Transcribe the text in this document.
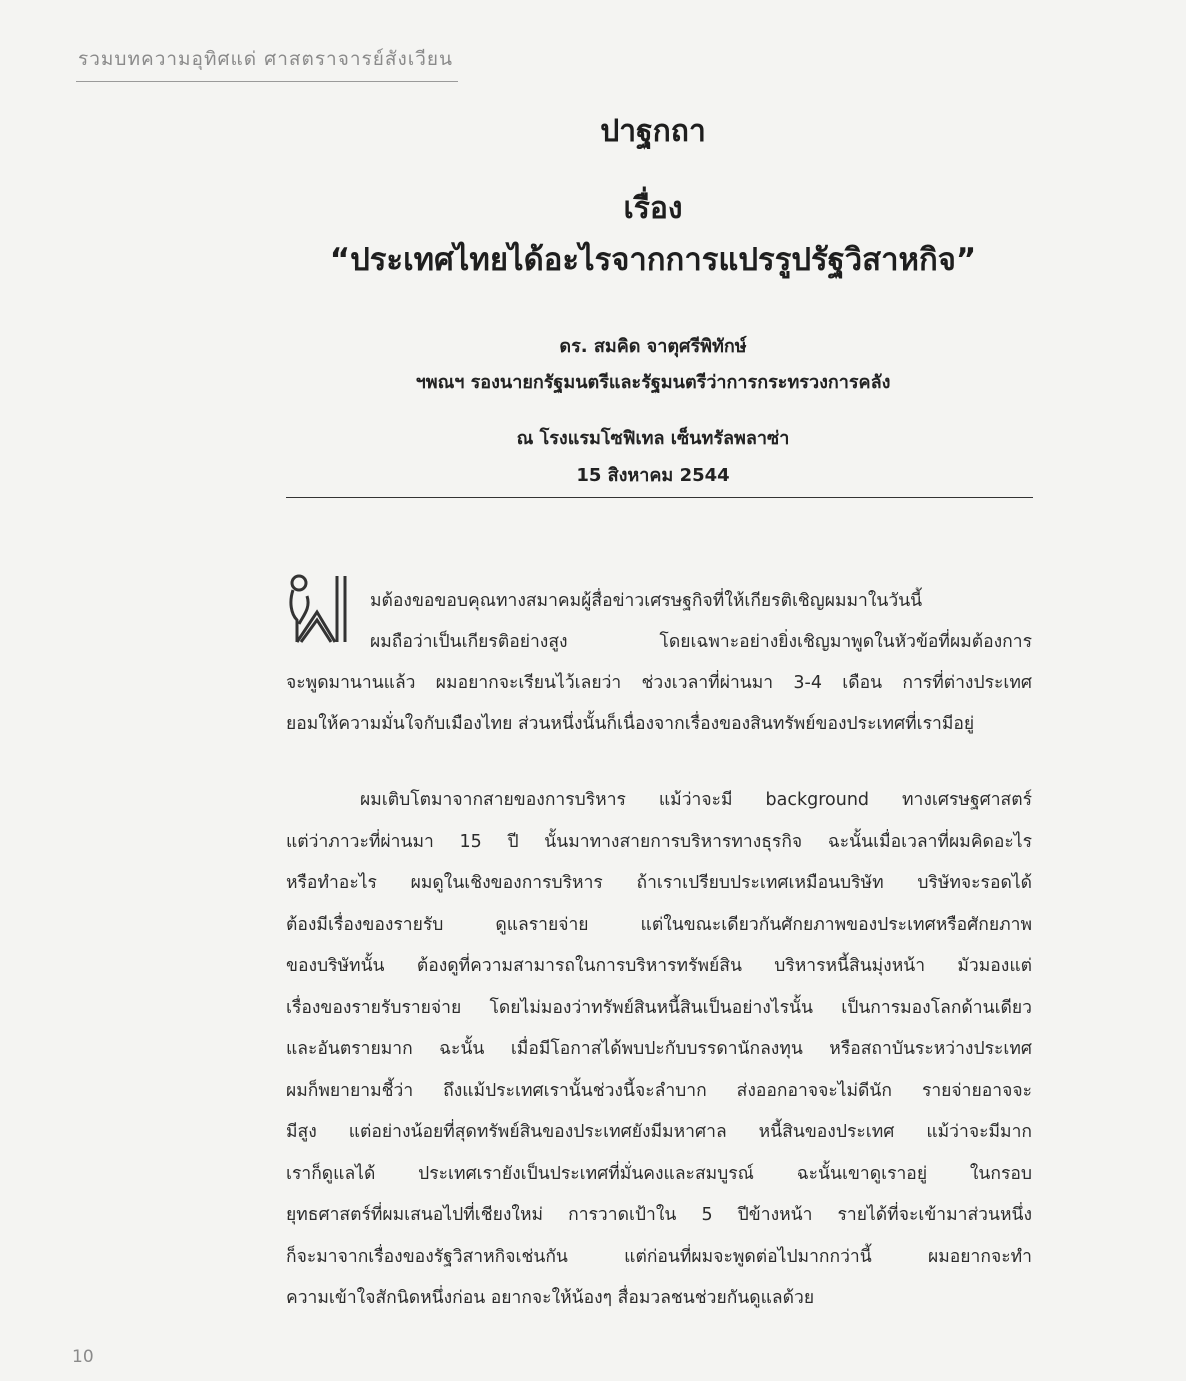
รวมบทความอุทิศแด่ ศาสตราจารย์สังเวียน
ปาฐกถา
เรื่อง
“ประเทศไทยได้อะไรจากการแปรรูปรัฐวิสาหกิจ”
ดร. สมคิด จาตุศรีพิทักษ์
ฯพณฯ รองนายกรัฐมนตรีและรัฐมนตรีว่าการกระทรวงการคลัง
ณ โรงแรมโซฟิเทล เซ็นทรัลพลาซ่า
15 สิงหาคม 2544
10
มต้องขอขอบคุณทางสมาคมผู้สื่อข่าวเศรษฐกิจที่ให้เกียรติเชิญผมมาในวันนี้
ผมถือว่าเป็นเกียรติอย่างสูง โดยเฉพาะอย่างยิ่งเชิญมาพูดในหัวข้อที่ผมต้องการ
จะพูดมานานแล้ว ผมอยากจะเรียนไว้เลยว่า ช่วงเวลาที่ผ่านมา 3-4 เดือน การที่ต่างประเทศ
ยอมให้ความมั่นใจกับเมืองไทย ส่วนหนึ่งนั้นก็เนื่องจากเรื่องของสินทรัพย์ของประเทศที่เรามีอยู่
ผมเติบโตมาจากสายของการบริหาร แม้ว่าจะมี background ทางเศรษฐศาสตร์
แต่ว่าภาวะที่ผ่านมา 15 ปี นั้นมาทางสายการบริหารทางธุรกิจ ฉะนั้นเมื่อเวลาที่ผมคิดอะไร
หรือทำอะไร ผมดูในเชิงของการบริหาร ถ้าเราเปรียบประเทศเหมือนบริษัท บริษัทจะรอดได้
ต้องมีเรื่องของรายรับ ดูแลรายจ่าย แต่ในขณะเดียวกันศักยภาพของประเทศหรือศักยภาพ
ของบริษัทนั้น ต้องดูที่ความสามารถในการบริหารทรัพย์สิน บริหารหนี้สินมุ่งหน้า มัวมองแต่
เรื่องของรายรับรายจ่าย โดยไม่มองว่าทรัพย์สินหนี้สินเป็นอย่างไรนั้น เป็นการมองโลกด้านเดียว
และอันตรายมาก ฉะนั้น เมื่อมีโอกาสได้พบปะกับบรรดานักลงทุน หรือสถาบันระหว่างประเทศ
ผมก็พยายามชี้ว่า ถึงแม้ประเทศเรานั้นช่วงนี้จะลำบาก ส่งออกอาจจะไม่ดีนัก รายจ่ายอาจจะ
มีสูง แต่อย่างน้อยที่สุดทรัพย์สินของประเทศยังมีมหาศาล หนี้สินของประเทศ แม้ว่าจะมีมาก
เราก็ดูแลได้ ประเทศเรายังเป็นประเทศที่มั่นคงและสมบูรณ์ ฉะนั้นเขาดูเราอยู่ ในกรอบ
ยุทธศาสตร์ที่ผมเสนอไปที่เชียงใหม่ การวาดเป้าใน 5 ปีข้างหน้า รายได้ที่จะเข้ามาส่วนหนึ่ง
ก็จะมาจากเรื่องของรัฐวิสาหกิจเช่นกัน แต่ก่อนที่ผมจะพูดต่อไปมากกว่านี้ ผมอยากจะทำ
ความเข้าใจสักนิดหนึ่งก่อน อยากจะให้น้องๆ สื่อมวลชนช่วยกันดูแลด้วย
